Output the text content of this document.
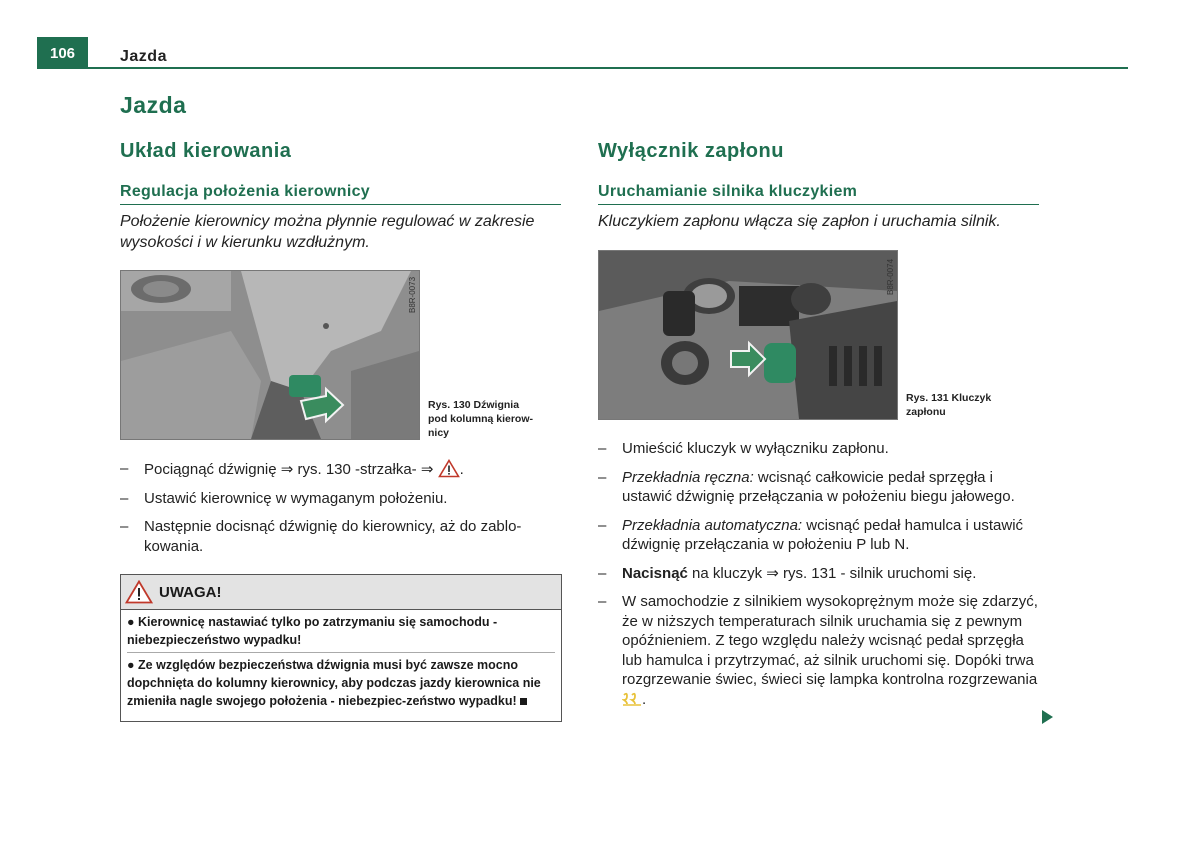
106	Jazda
Jazda
Układ kierowania
Regulacja położenia kierownicy
Położenie kierownicy można płynnie regulować w zakresie wysokości i w kierunku wzdłużnym.
B8R-0073
Rys. 130 Dźwignia
pod kolumną kierow-
nicy
–	Pociągnąć dźwignię ⇒ rys. 130 -strzałka- ⇒ .
–	Ustawić kierownicę w wymaganym położeniu.
–	Następnie docisnąć dźwignię do kierownicy, aż do zablo-kowania.
UWAGA!
● Kierownicę nastawiać tylko po zatrzymaniu się samochodu - niebezpieczeństwo wypadku!
● Ze względów bezpieczeństwa dźwignia musi być zawsze mocno dopchnięta do kolumny kierownicy, aby podczas jazdy kierownica nie zmieniła nagle swojego położenia - niebezpiec-zeństwo wypadku!
Wyłącznik zapłonu
Uruchamianie silnika kluczykiem
Kluczykiem zapłonu włącza się zapłon i uruchamia silnik.
B8R-0074
Rys. 131 Kluczyk
zapłonu
–	Umieścić kluczyk w wyłączniku zapłonu.
–	Przekładnia ręczna: wcisnąć całkowicie pedał sprzęgła i ustawić dźwignię przełączania w położeniu biegu jałowego.
–	Przekładnia automatyczna: wcisnąć pedał hamulca i ustawić dźwignię przełączania w położeniu P lub N.
–	Nacisnąć na kluczyk ⇒ rys. 131 - silnik uruchomi się.
–	W samochodzie z silnikiem wysokoprężnym może się zdarzyć, że w niższych temperaturach silnik uruchamia się z pewnym opóźnieniem. Z tego względu należy wcisnąć pedał sprzęgła lub hamulca i przytrzymać, aż silnik uruchomi się. Dopóki trwa rozgrzewanie świec, świeci się lampka kontrolna rozgrzewania .
